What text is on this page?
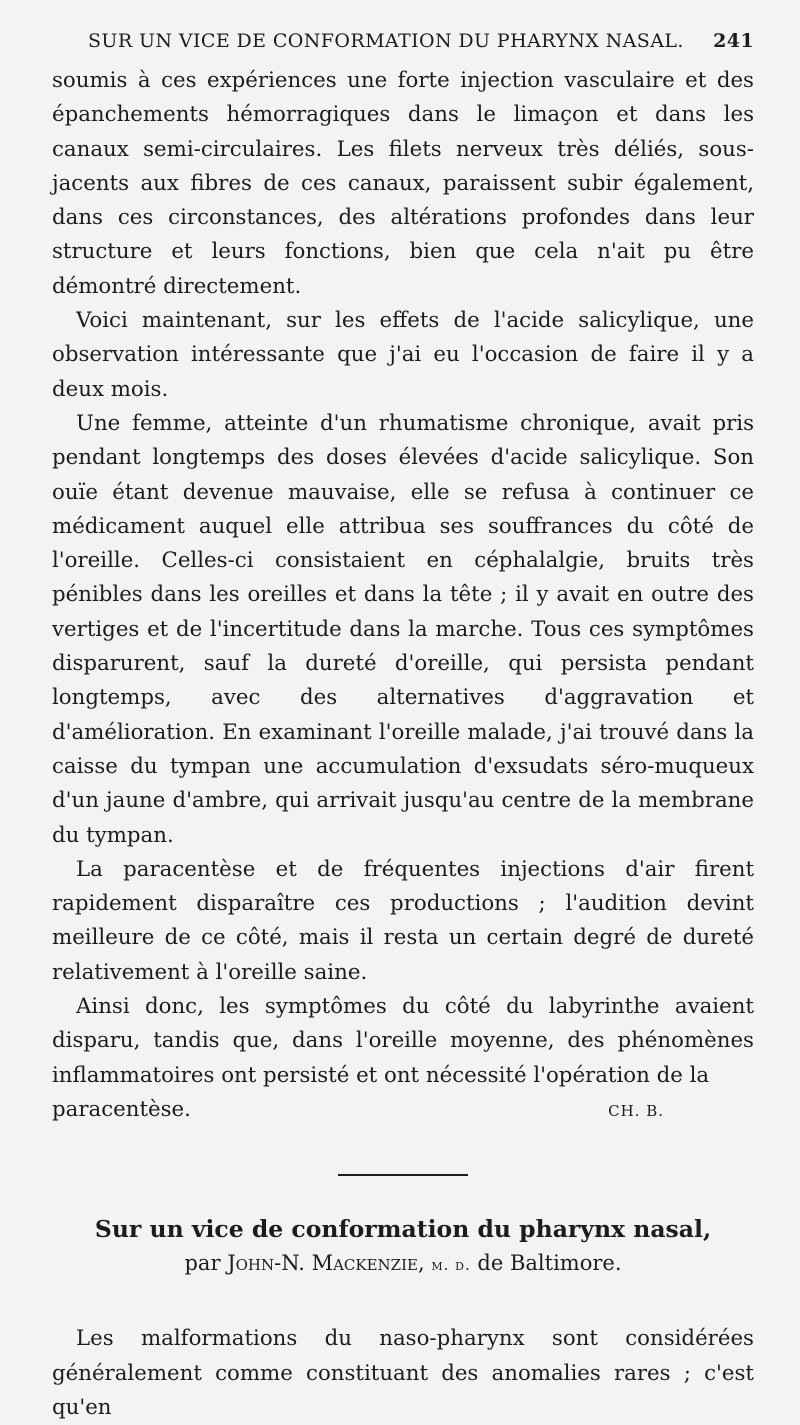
SUR UN VICE DE CONFORMATION DU PHARYNX NASAL. 241

soumis à ces expériences une forte injection vasculaire et des épanchements hémorragiques dans le limaçon et dans les canaux semi-circulaires. Les filets nerveux très déliés, sous-jacents aux fibres de ces canaux, paraissent subir également, dans ces circonstances, des altérations profondes dans leur structure et leurs fonctions, bien que cela n'ait pu être démontré directement.

Voici maintenant, sur les effets de l'acide salicylique, une observation intéressante que j'ai eu l'occasion de faire il y a deux mois.

Une femme, atteinte d'un rhumatisme chronique, avait pris pendant longtemps des doses élevées d'acide salicylique. Son ouïe étant devenue mauvaise, elle se refusa à continuer ce médicament auquel elle attribua ses souffrances du côté de l'oreille. Celles-ci consistaient en céphalalgie, bruits très pénibles dans les oreilles et dans la tête ; il y avait en outre des vertiges et de l'incertitude dans la marche. Tous ces symptômes disparurent, sauf la dureté d'oreille, qui persista pendant longtemps, avec des alternatives d'aggravation et d'amélioration. En examinant l'oreille malade, j'ai trouvé dans la caisse du tympan une accumulation d'exsudats séro-muqueux d'un jaune d'ambre, qui arrivait jusqu'au centre de la membrane du tympan.

La paracentèse et de fréquentes injections d'air firent rapidement disparaître ces productions ; l'audition devint meilleure de ce côté, mais il resta un certain degré de dureté relativement à l'oreille saine.

Ainsi donc, les symptômes du côté du labyrinthe avaient disparu, tandis que, dans l'oreille moyenne, des phénomènes inflammatoires ont persisté et ont nécessité l'opération de la

paracentèse.	CH. B.
Sur un vice de conformation du pharynx nasal,
par John-N. Mackenzie, m. d. de Baltimore.

Les malformations du naso-pharynx sont considérées généralement comme constituant des anomalies rares ; c'est qu'en
